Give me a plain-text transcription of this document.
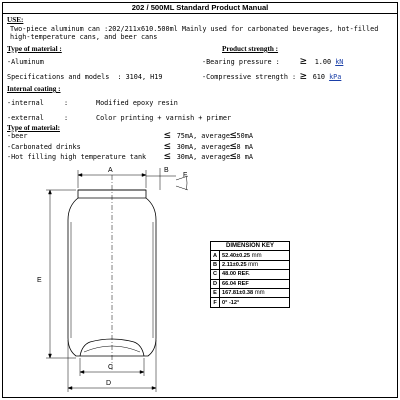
202 / 500ML Standard Product Manual
USE:
Two-piece aluminum can :202/211x610.500ml Mainly used for carbonated beverages, hot-filled high-temperature cans, and beer cans
Type of material :
-Aluminum
Specifications and models : 3104, H19
Product strength :
-Bearing pressure : ≥ 1.00 kN
-Compressive strength : ≥ 610 kPa
Internal coating :
-internal	:	Modified epoxy resin
-external	:	Color printing + varnish + primer
Type of material:
-beer	≤ 75mA, average≤50mA
-Carbonated drinks	≤ 30mA, average≤8 mA
-Hot filling high temperature tank ≤ 30mA, average≤8 mA
A	B
F
E
C
D
DIMENSION KEY	
A	52.40±0.25 mm
B	2.11±0.25 mm
C	48.00 REF.
D	66.04 REF
E	167.81±0.38 mm
F	0° -12°
